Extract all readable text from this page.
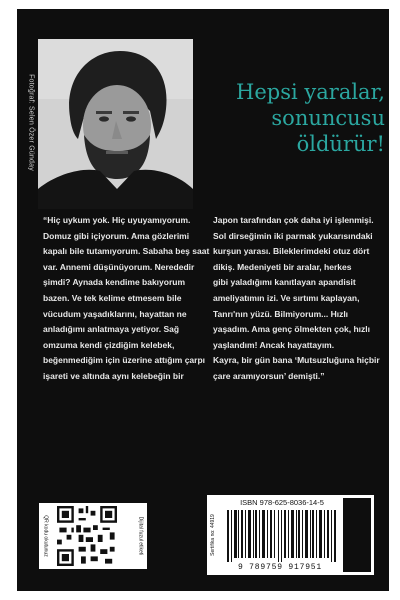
Fotoğraf: Selen Özer Günday	Hepsi yaralar,
sonuncusu
öldürür!
“Hiç uykum yok. Hiç uyuyamıyorum.
Domuz gibi içiyorum. Ama gözlerimi
kapalı bile tutamıyorum. Sabaha beş saat
var. Annemi düşünüyorum. Nerededir
şimdi? Aynada kendime bakıyorum
bazen. Ve tek kelime etmesem bile
vücudum yaşadıklarını, hayattan ne
anladığımı anlatmaya yetiyor. Sağ
omzuma kendi çizdiğim kelebek,
beğenmediğim için üzerine attığım çarpı
işareti ve altında aynı kelebeğin bir
Japon tarafından çok daha iyi işlenmişi.
Sol dirseğimin iki parmak yukarısındaki
kurşun yarası. Bileklerimdeki otuz dört
dikiş. Medeniyeti bir aralar, herkes
gibi yaladığımı kanıtlayan apandisit
ameliyatımın izi. Ve sırtımı kaplayan,
Tanrı'nın yüzü. Bilmiyorum... Hızlı
yaşadım. Ama genç ölmekten çok, hızlı
yaşlandım! Ancak hayattayım.
Kayra, bir gün bana ‘Mutsuzluğuna hiçbir
çare aramıyorsun’ demişti.”
QR kodu okutunuz	Dijital fuzul etiketi	Sertifika no: 44919
ISBN 978-625-8036-14-5
9 789759 917951
